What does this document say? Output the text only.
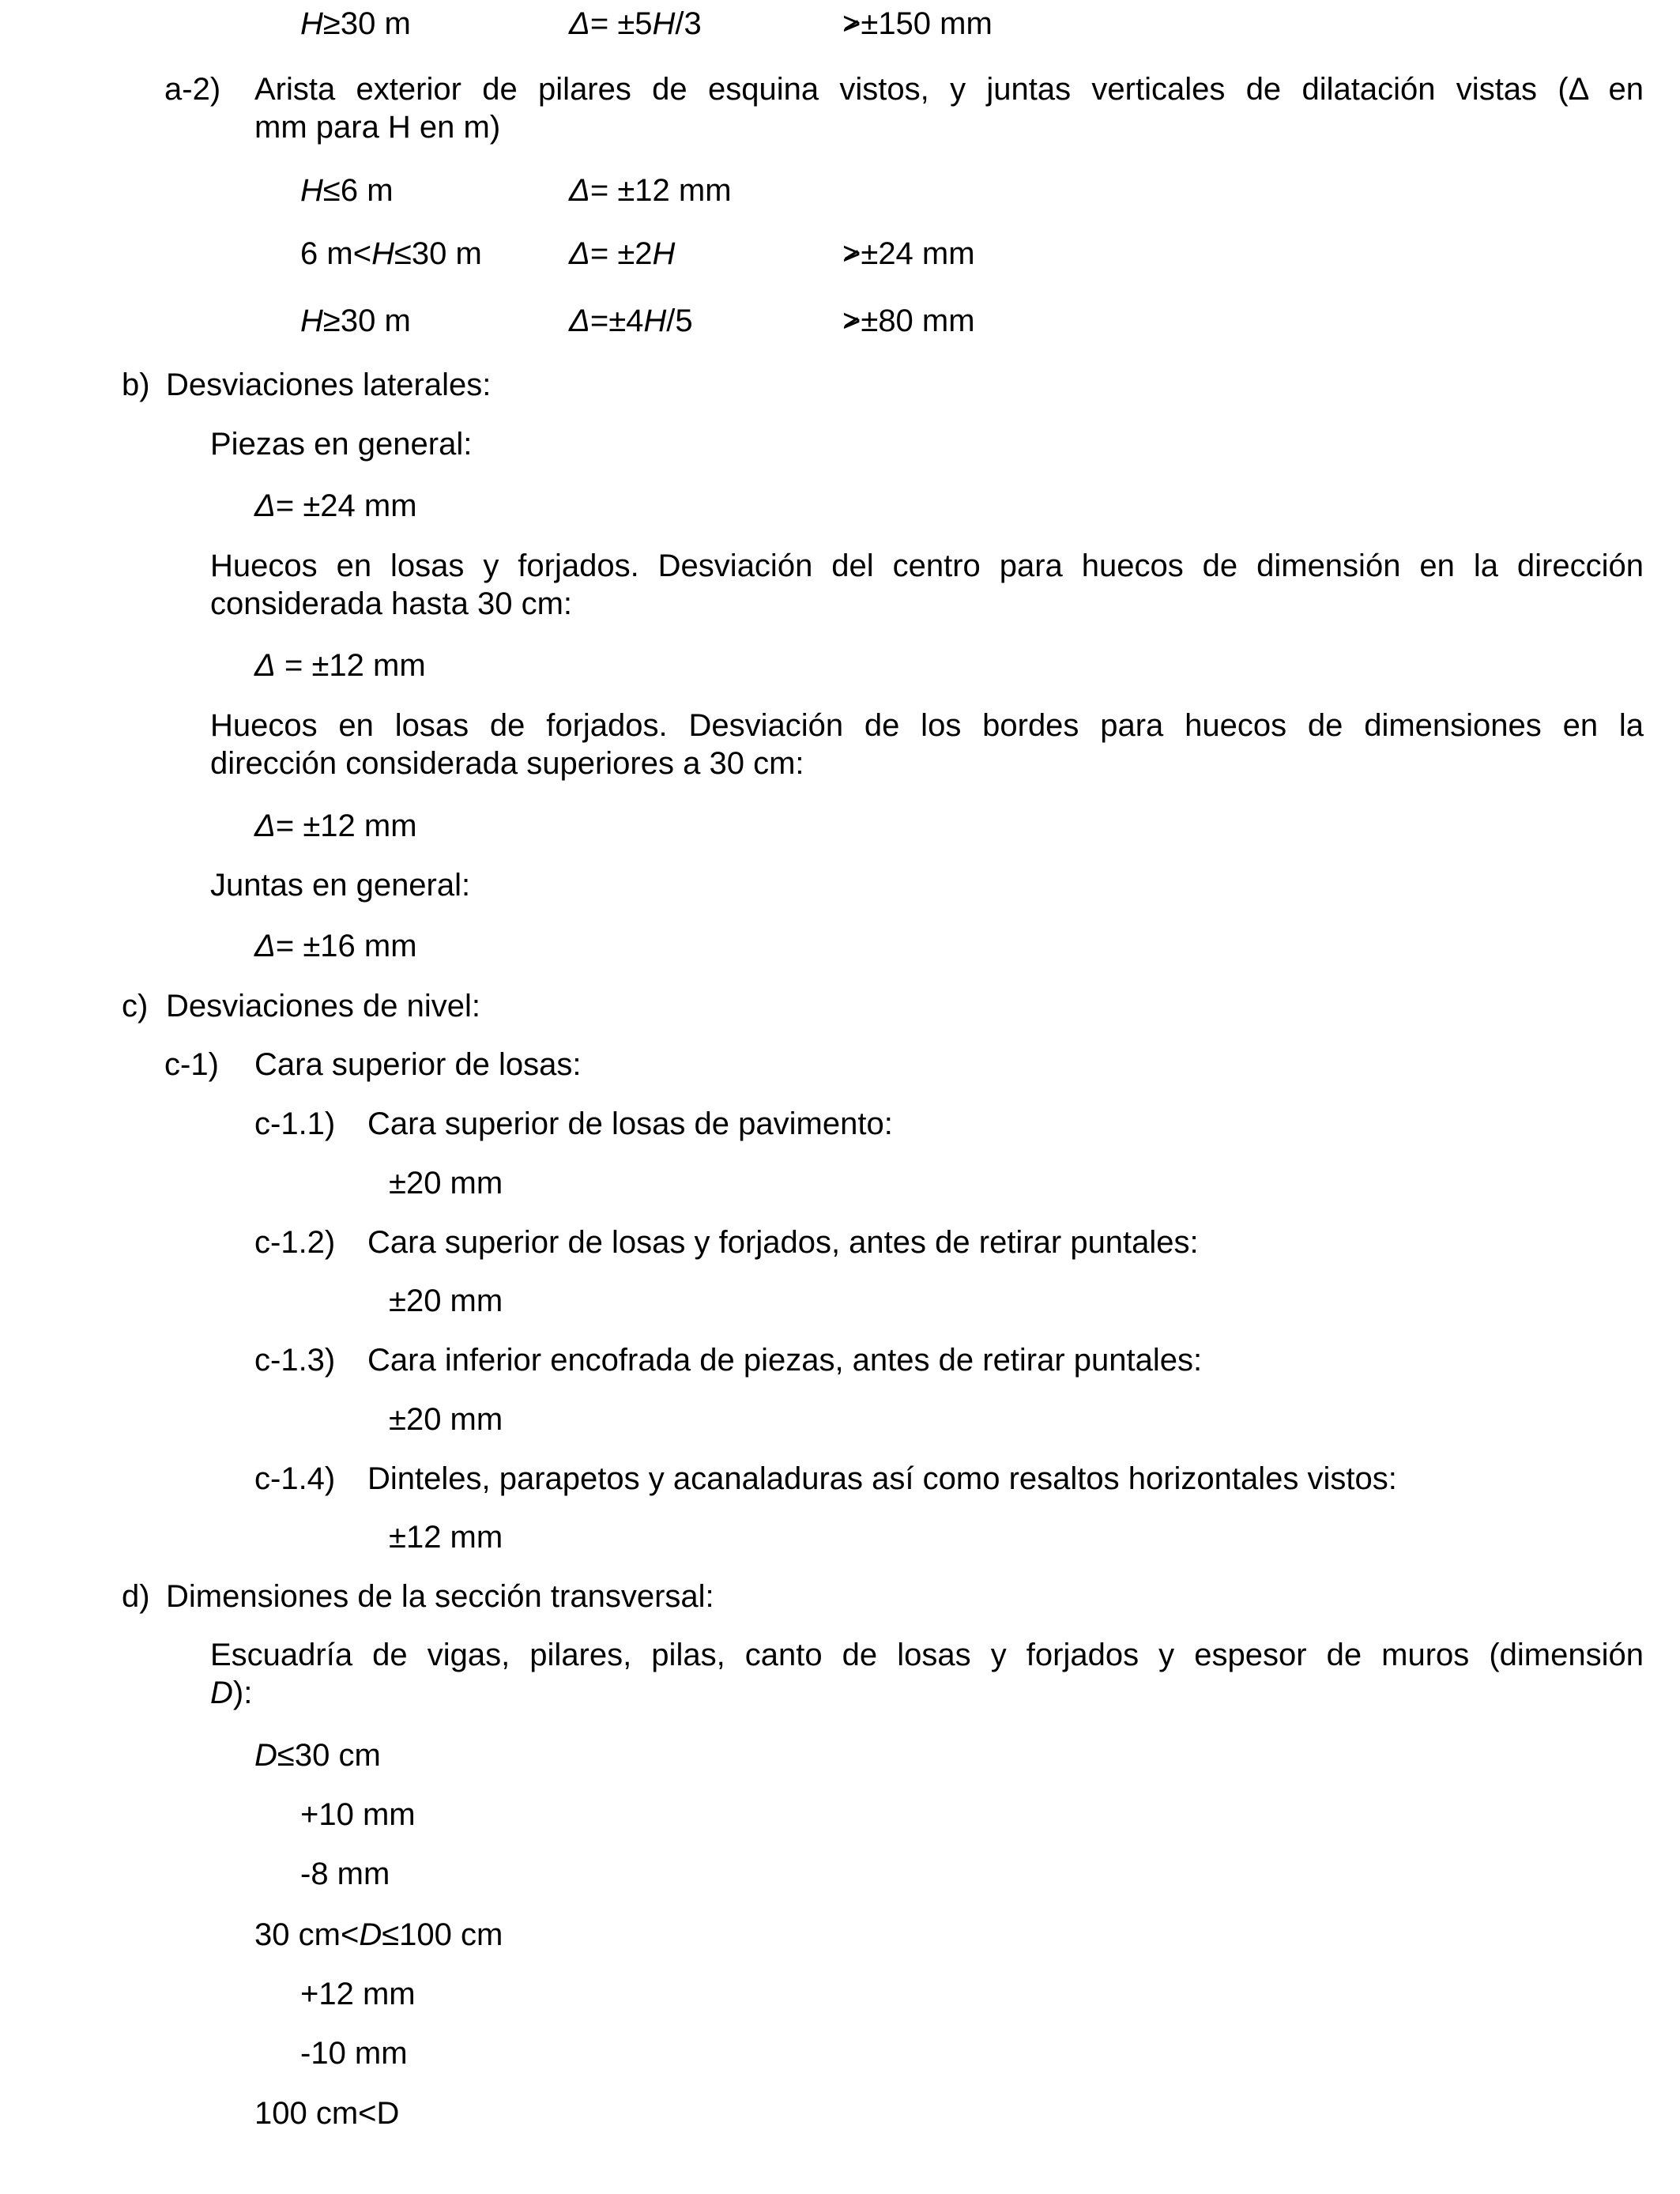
H≥30 m	Δ= ±5H/3	>±150 mm
a-2) Arista exterior de pilares de esquina vistos, y juntas verticales de dilatación vistas (Δ en
mm para H en m)
H≤6 m	Δ= ±12 mm
6 m<H≤30 m	Δ= ±2H	>±24 mm
H≥30 m	Δ=±4H/5	>±80 mm
b) Desviaciones laterales:
Piezas en general:
Δ= ±24 mm
Huecos en losas y forjados. Desviación del centro para huecos de dimensión en la dirección
considerada hasta 30 cm:
Δ = ±12 mm
Huecos en losas de forjados. Desviación de los bordes para huecos de dimensiones en la
dirección considerada superiores a 30 cm:
Δ= ±12 mm
Juntas en general:
Δ= ±16 mm
c) Desviaciones de nivel:
c-1) Cara superior de losas:
c-1.1) Cara superior de losas de pavimento:
±20 mm
c-1.2) Cara superior de losas y forjados, antes de retirar puntales:
±20 mm
c-1.3) Cara inferior encofrada de piezas, antes de retirar puntales:
±20 mm
c-1.4) Dinteles, parapetos y acanaladuras así como resaltos horizontales vistos:
±12 mm
d) Dimensiones de la sección transversal:
Escuadría de vigas, pilares, pilas, canto de losas y forjados y espesor de muros (dimensión
D):
D≤30 cm
+10 mm
-8 mm
30 cm<D≤100 cm
+12 mm
-10 mm
100 cm<D
